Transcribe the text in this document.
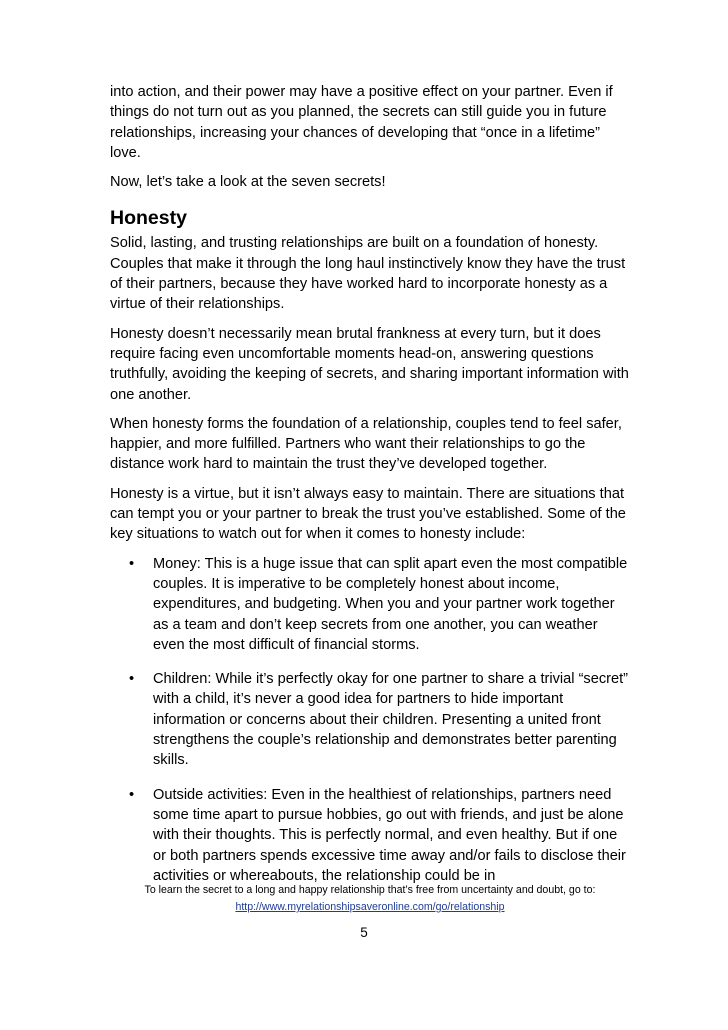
into action, and their power may have a positive effect on your partner. Even if things do not turn out as you planned, the secrets can still guide you in future relationships, increasing your chances of developing that “once in a lifetime” love.

Now, let’s take a look at the seven secrets!

Honesty

Solid, lasting, and trusting relationships are built on a foundation of honesty. Couples that make it through the long haul instinctively know they have the trust of their partners, because they have worked hard to incorporate honesty as a virtue of their relationships.

Honesty doesn’t necessarily mean brutal frankness at every turn, but it does require facing even uncomfortable moments head-on, answering questions truthfully, avoiding the keeping of secrets, and sharing important information with one another.

When honesty forms the foundation of a relationship, couples tend to feel safer, happier, and more fulfilled. Partners who want their relationships to go the distance work hard to maintain the trust they’ve developed together.

Honesty is a virtue, but it isn’t always easy to maintain. There are situations that can tempt you or your partner to break the trust you’ve established. Some of the key situations to watch out for when it comes to honesty include:

• Money: This is a huge issue that can split apart even the most compatible couples. It is imperative to be completely honest about income, expenditures, and budgeting. When you and your partner work together as a team and don’t keep secrets from one another, you can weather even the most difficult of financial storms.
• Children: While it’s perfectly okay for one partner to share a trivial “secret” with a child, it’s never a good idea for partners to hide important information or concerns about their children. Presenting a united front strengthens the couple’s relationship and demonstrates better parenting skills.
• Outside activities: Even in the healthiest of relationships, partners need some time apart to pursue hobbies, go out with friends, and just be alone with their thoughts. This is perfectly normal, and even healthy. But if one or both partners spends excessive time away and/or fails to disclose their activities or whereabouts, the relationship could be in
To learn the secret to a long and happy relationship that’s free from uncertainty and doubt, go to:
http://www.myrelationshipsaveronline.com/go/relationship
5
